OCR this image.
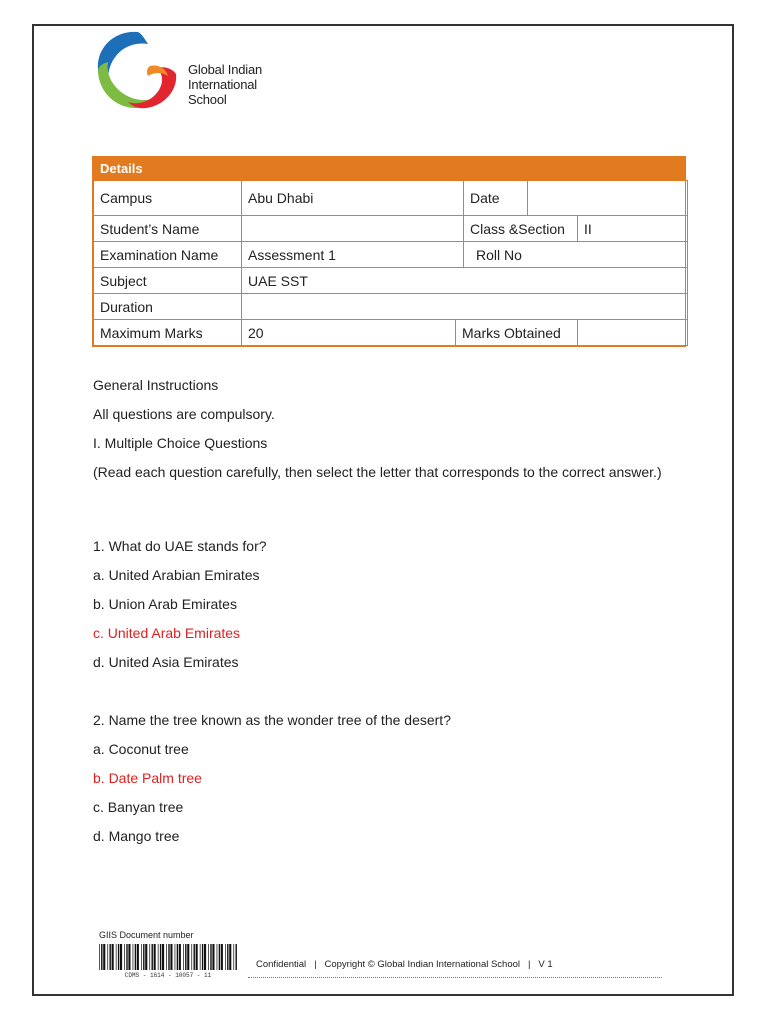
Global Indian
International
School
Details
Campus	Abu Dhabi		Date		
Student’s Name			Class &Section		II
Examination Name	Assessment 1		Roll No		
Subject	UAE SST				
Duration					
Maximum Marks	20	Marks Obtained			
General Instructions
All questions are compulsory.
I. Multiple Choice Questions
(Read each question carefully, then select the letter that corresponds to the correct answer.)
1. What do UAE stands for?
a. United Arabian Emirates
b. Union Arab Emirates
c. United Arab Emirates
d. United Asia Emirates
2. Name the tree known as the wonder tree of the desert?
a. Coconut tree
b. Date Palm tree
c. Banyan tree
d. Mango tree
GIIS Document number
CDMS - 1614 - 10057 - 11
Confidential | Copyright © Global Indian International School | V 1
